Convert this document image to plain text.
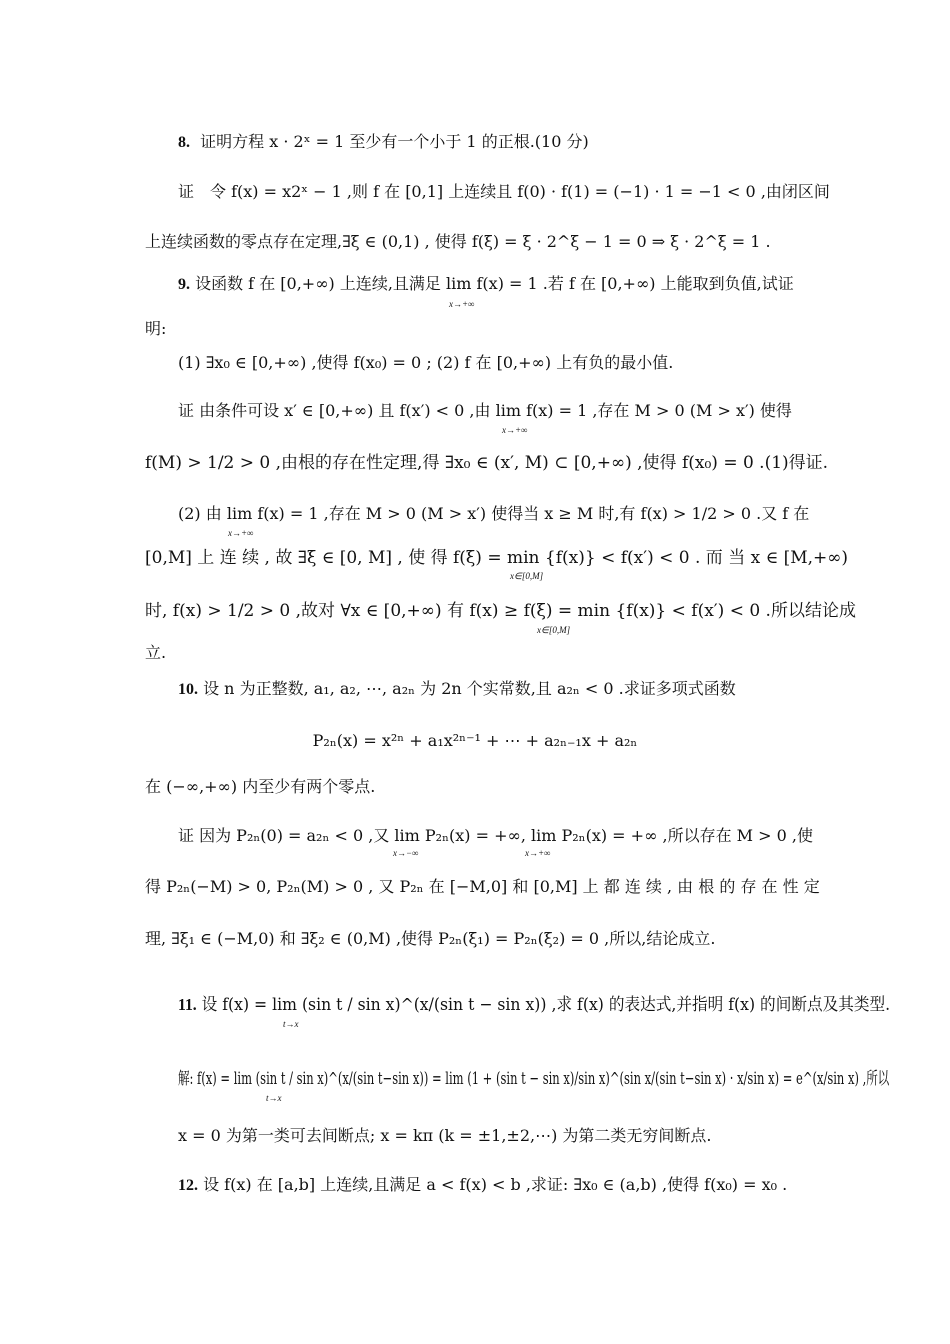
8. 证明方程 x · 2ˣ = 1 至少有一个小于 1 的正根.(10 分)
证　令 f(x) = x2ˣ − 1 ,则 f 在 [0,1] 上连续且 f(0) · f(1) = (−1) · 1 = −1 < 0 ,由闭区间
上连续函数的零点存在定理,∃ξ ∈ (0,1) , 使得 f(ξ) = ξ · 2^ξ − 1 = 0 ⇒ ξ · 2^ξ = 1 .
9. 设函数 f 在 [0,+∞) 上连续,且满足 lim f(x) = 1 .若 f 在 [0,+∞) 上能取到负值,试证
x→+∞
明:
(1) ∃x₀ ∈ [0,+∞) ,使得 f(x₀) = 0 ; (2) f 在 [0,+∞) 上有负的最小值.
证 由条件可设 x′ ∈ [0,+∞) 且 f(x′) < 0 ,由 lim f(x) = 1 ,存在 M > 0 (M > x′) 使得
x→+∞
f(M) > 1/2 > 0 ,由根的存在性定理,得 ∃x₀ ∈ (x′, M) ⊂ [0,+∞) ,使得 f(x₀) = 0 .(1)得证.
(2) 由 lim f(x) = 1 ,存在 M > 0 (M > x′) 使得当 x ≥ M 时,有 f(x) > 1/2 > 0 .又 f 在
x→+∞
[0,M] 上 连 续 , 故 ∃ξ ∈ [0, M] , 使 得 f(ξ) = min {f(x)} < f(x′) < 0 . 而 当 x ∈ [M,+∞)
x∈[0,M]
时, f(x) > 1/2 > 0 ,故对 ∀x ∈ [0,+∞) 有 f(x) ≥ f(ξ) = min {f(x)} < f(x′) < 0 .所以结论成
x∈[0,M]
立.
10. 设 n 为正整数, a₁, a₂, ⋯, a₂ₙ 为 2n 个实常数,且 a₂ₙ < 0 .求证多项式函数
P₂ₙ(x) = x²ⁿ + a₁x²ⁿ⁻¹ + ⋯ + a₂ₙ₋₁x + a₂ₙ
在 (−∞,+∞) 内至少有两个零点.
证 因为 P₂ₙ(0) = a₂ₙ < 0 ,又 lim P₂ₙ(x) = +∞, lim P₂ₙ(x) = +∞ ,所以存在 M > 0 ,使
x→−∞	x→+∞
得 P₂ₙ(−M) > 0, P₂ₙ(M) > 0 , 又 P₂ₙ 在 [−M,0] 和 [0,M] 上 都 连 续 , 由 根 的 存 在 性 定
理, ∃ξ₁ ∈ (−M,0) 和 ∃ξ₂ ∈ (0,M) ,使得 P₂ₙ(ξ₁) = P₂ₙ(ξ₂) = 0 ,所以,结论成立.
11. 设 f(x) = lim (sin t / sin x)^(x/(sin t − sin x)) ,求 f(x) 的表达式,并指明 f(x) 的间断点及其类型.
t→x
解: f(x) = lim (sin t / sin x)^(x/(sin t−sin x)) = lim (1 + (sin t − sin x)/sin x)^(sin x/(sin t−sin x) · x/sin x) = e^(x/sin x) ,所以
t→x
x = 0 为第一类可去间断点; x = kπ (k = ±1,±2,⋯) 为第二类无穷间断点.
12. 设 f(x) 在 [a,b] 上连续,且满足 a < f(x) < b ,求证: ∃x₀ ∈ (a,b) ,使得 f(x₀) = x₀ .
